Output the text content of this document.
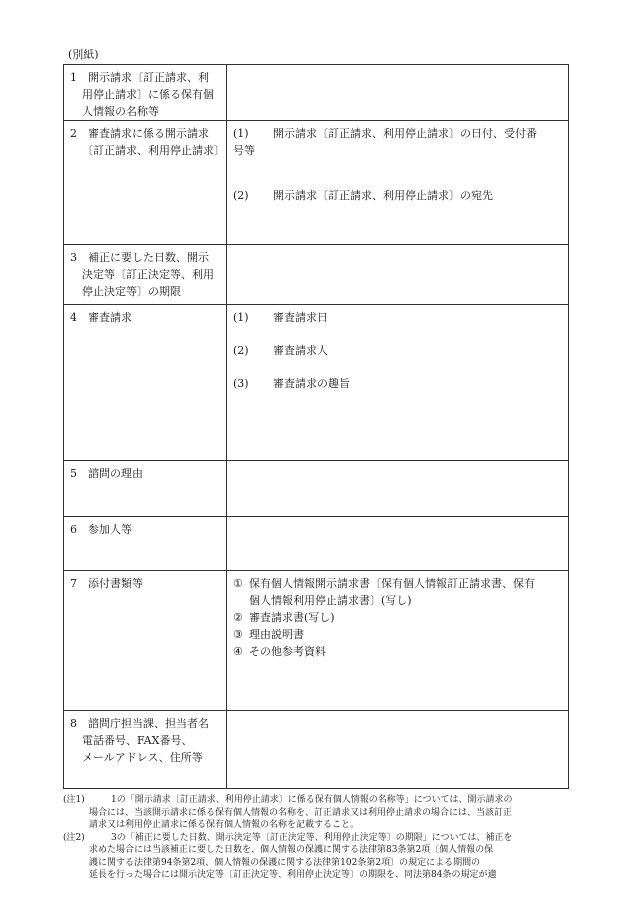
(別紙)
1　開示請求〔訂正請求、利
用停止請求〕に係る保有個
人情報の名称等	

2　審査請求に係る開示請求
〔訂正請求、利用停止請求〕	(1) 開示請求〔訂正請求、利用停止請求〕の日付、受付番
号等
(2) 開示請求〔訂正請求、利用停止請求〕の宛先

3　補正に要した日数、開示
決定等〔訂正決定等、利用
停止決定等〕の期限	

4　審査請求	(1) 審査請求日
(2) 審査請求人
(3) 審査請求の趣旨

5　諮問の理由	

6　参加人等	

7　添付書類等	① 保有個人情報開示請求書〔保有個人情報訂正請求書、保有
個人情報利用停止請求書〕(写し)
② 審査請求書(写し)
③ 理由説明書
④ その他参考資料

8　諮問庁担当課、担当者名
電話番号、FAX番号、
メールアドレス、住所等	

(注1)	1の「開示請求〔訂正請求、利用停止請求〕に係る保有個人情報の名称等」については、開示請求の
場合には、当該開示請求に係る保有個人情報の名称を、訂正請求又は利用停止請求の場合には、当該訂正
請求又は利用停止請求に係る保有個人情報の名称を記載すること。
(注2)	3の「補正に要した日数、開示決定等〔訂正決定等、利用停止決定等〕の期限」については、補正を
求めた場合には当該補正に要した日数を、個人情報の保護に関する法律第83条第2項〔個人情報の保
護に関する法律第94条第2項、個人情報の保護に関する法律第102条第2項〕の規定による期間の
延長を行った場合には開示決定等〔訂正決定等、利用停止決定等〕の期限を、同法第84条の規定が適
